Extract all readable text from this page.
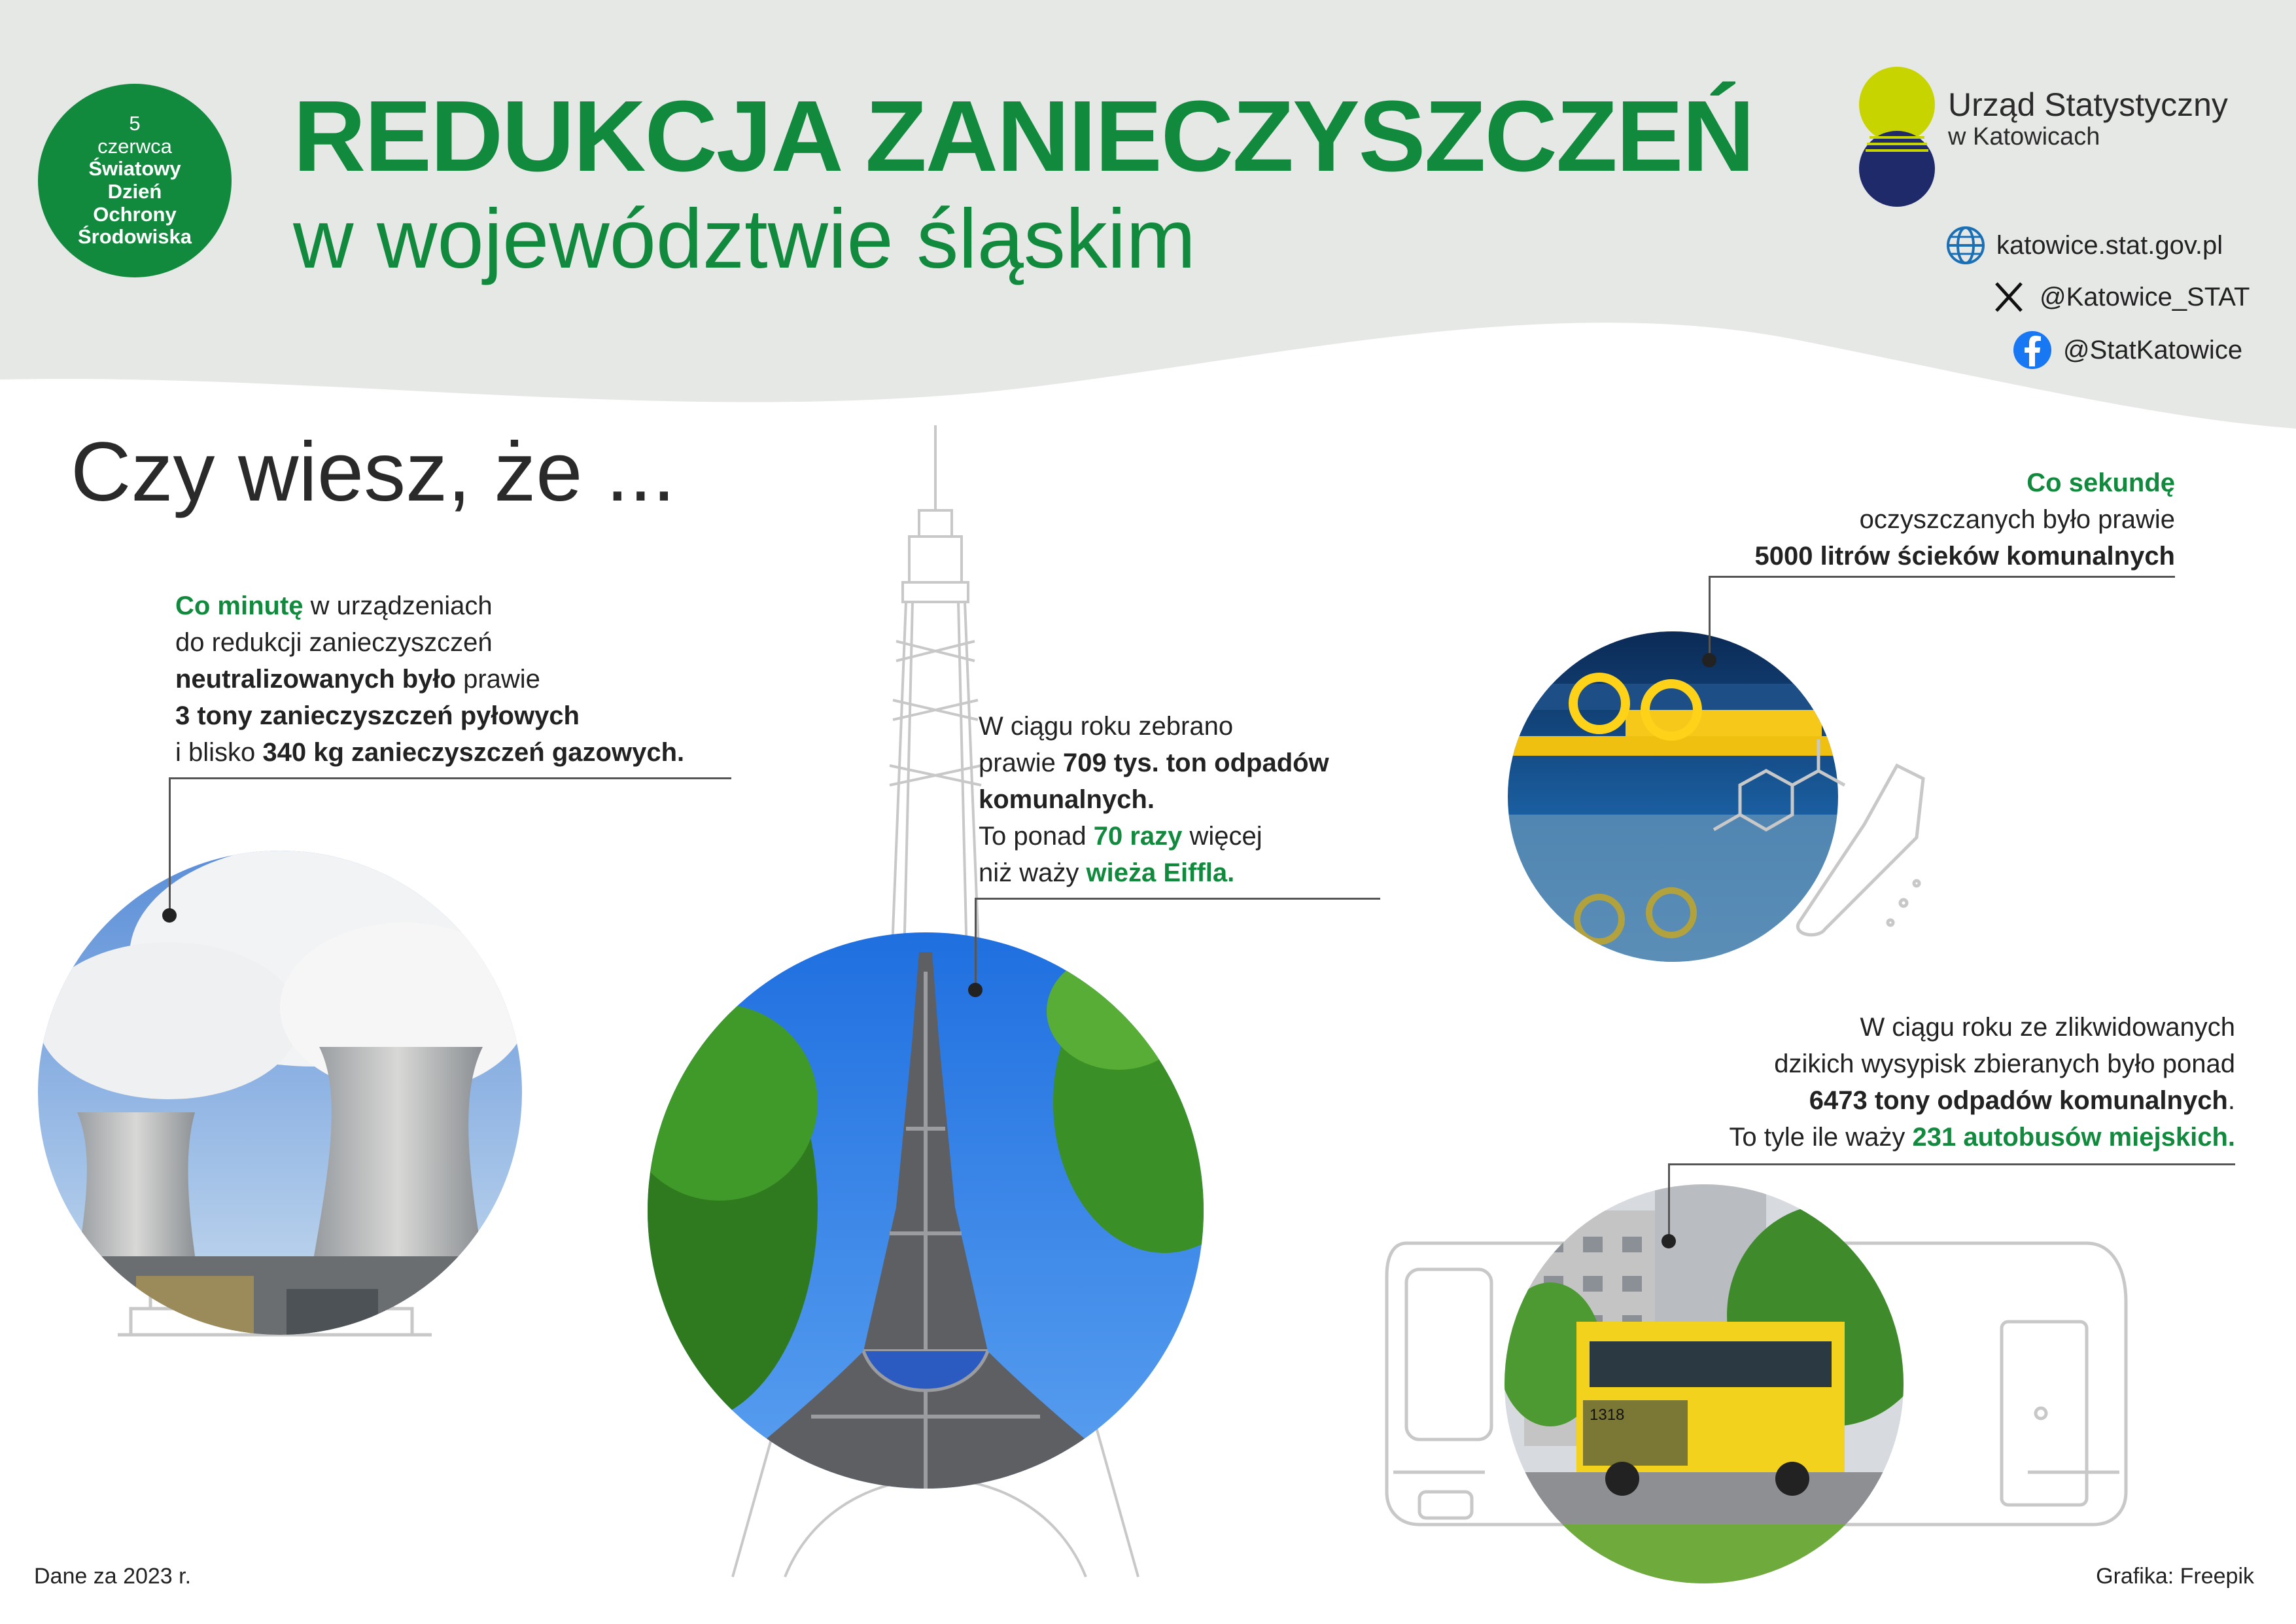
5
czerwca
Światowy
Dzień
Ochrony
Środowiska
REDUKCJA ZANIECZYSZCZEŃ
w województwie śląskim
Urząd Statystyczny
w Katowicach
katowice.stat.gov.pl
@Katowice_STAT
@StatKatowice
Czy wiesz, że ...
1318
Co minutę w urządzeniach
do redukcji zanieczyszczeń
neutralizowanych było prawie
3 tony zanieczyszczeń pyłowych
i blisko 340 kg zanieczyszczeń gazowych.
W ciągu roku zebrano
prawie 709 tys. ton odpadów
komunalnych.
To ponad 70 razy więcej
niż waży wieża Eiffla.
Co sekundę
oczyszczanych było prawie
5000 litrów ścieków komunalnych
W ciągu roku ze zlikwidowanych
dzikich wysypisk zbieranych było ponad
6473 tony odpadów komunalnych.
To tyle ile waży 231 autobusów miejskich.
Dane za 2023 r.	Grafika: Freepik
